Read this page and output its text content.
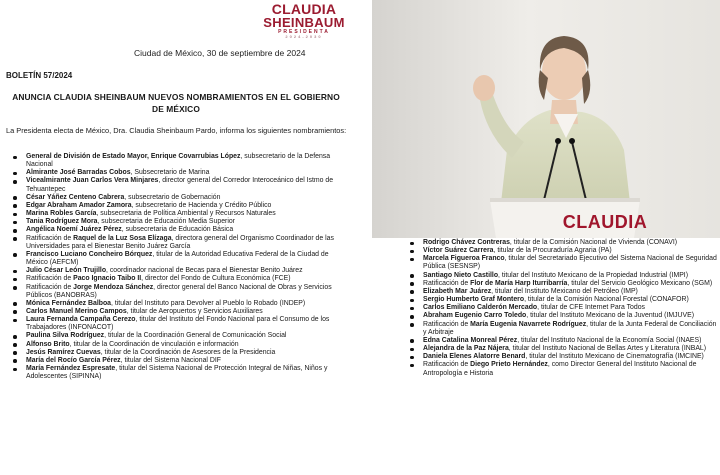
CLAUDIA
SHEINBAUM
PRESIDENTA
2024-2030
Ciudad de México, 30 de septiembre de 2024
BOLETÍN 57/2024
ANUNCIA CLAUDIA SHEINBAUM NUEVOS NOMBRAMIENTOS EN EL GOBIERNO DE MÉXICO
La Presidenta electa de México, Dra. Claudia Sheinbaum Pardo, informa los siguientes nombramientos:
General de División de Estado Mayor, Enrique Covarrubias López, subsecretario de la Defensa Nacional
Almirante José Barradas Cobos, Subsecretario de Marina
Vicealmirante Juan Carlos Vera Minjares, director general del Corredor Interoceánico del Istmo de Tehuantepec
César Yáñez Centeno Cabrera, subsecretario de Gobernación
Edgar Abraham Amador Zamora, subsecretario de Hacienda y Crédito Público
Marina Robles García, subsecretaria de Política Ambiental y Recursos Naturales
Tania Rodríguez Mora, subsecretaria de Educación Media Superior
Angélica Noemí Juárez Pérez, subsecretaria de Educación Básica
Ratificación de Raquel de la Luz Sosa Elízaga, directora general del Organismo Coordinador de las Universidades para el Bienestar Benito Juárez García
Francisco Luciano Concheiro Bórquez, titular de la Autoridad Educativa Federal de la Ciudad de México (AEFCM)
Julio César León Trujillo, coordinador nacional de Becas para el Bienestar Benito Juárez
Ratificación de Paco Ignacio Taibo II, director del Fondo de Cultura Económica (FCE)
Ratificación de Jorge Mendoza Sánchez, director general del Banco Nacional de Obras y Servicios Públicos (BANOBRAS)
Mónica Fernández Balboa, titular del Instituto para Devolver al Pueblo lo Robado (INDEP)
Carlos Manuel Merino Campos, titular de Aeropuertos y Servicios Auxiliares
Laura Fernanda Campaña Cerezo, titular del Instituto del Fondo Nacional para el Consumo de los Trabajadores (INFONACOT)
Paulina Silva Rodríguez, titular de la Coordinación General de Comunicación Social
Alfonso Brito, titular de la Coordinación de vinculación e información
Jesús Ramírez Cuevas, titular de la Coordinación de Asesores de la Presidencia
María del Rocío García Pérez, titular del Sistema Nacional DIF
María Fernández Espresate, titular del Sistema Nacional de Protección Integral de Niñas, Niños y Adolescentes (SIPINNA)
CLAUDIA
Rodrigo Chávez Contreras, titular de la Comisión Nacional de Vivienda (CONAVI)
Víctor Suárez Carrera, titular de la Procuraduría Agraria (PA)
Marcela Figueroa Franco, titular del Secretariado Ejecutivo del Sistema Nacional de Seguridad Pública (SESNSP)
Santiago Nieto Castillo, titular del Instituto Mexicano de la Propiedad Industrial (IMPI)
Ratificación de Flor de María Harp Iturribarría, titular del Servicio Geológico Mexicano (SGM)
Elizabeth Mar Juárez, titular del Instituto Mexicano del Petróleo (IMP)
Sergio Humberto Graf Montero, titular de la Comisión Nacional Forestal (CONAFOR)
Carlos Emiliano Calderón Mercado, titular de CFE Internet Para Todos
Abraham Eugenio Carro Toledo, titular del Instituto Mexicano de la Juventud (IMJUVE)
Ratificación de María Eugenia Navarrete Rodríguez, titular de la Junta Federal de Conciliación y Arbitraje
Edna Catalina Monreal Pérez, titular del Instituto Nacional de la Economía Social (INAES)
Alejandra de la Paz Nájera, titular del Instituto Nacional de Bellas Artes y Literatura (INBAL)
Daniela Elenes Alatorre Benard, titular del Instituto Mexicano de Cinematografía (IMCINE)
Ratificación de Diego Prieto Hernández, como Director General del Instituto Nacional de Antropología e Historia
